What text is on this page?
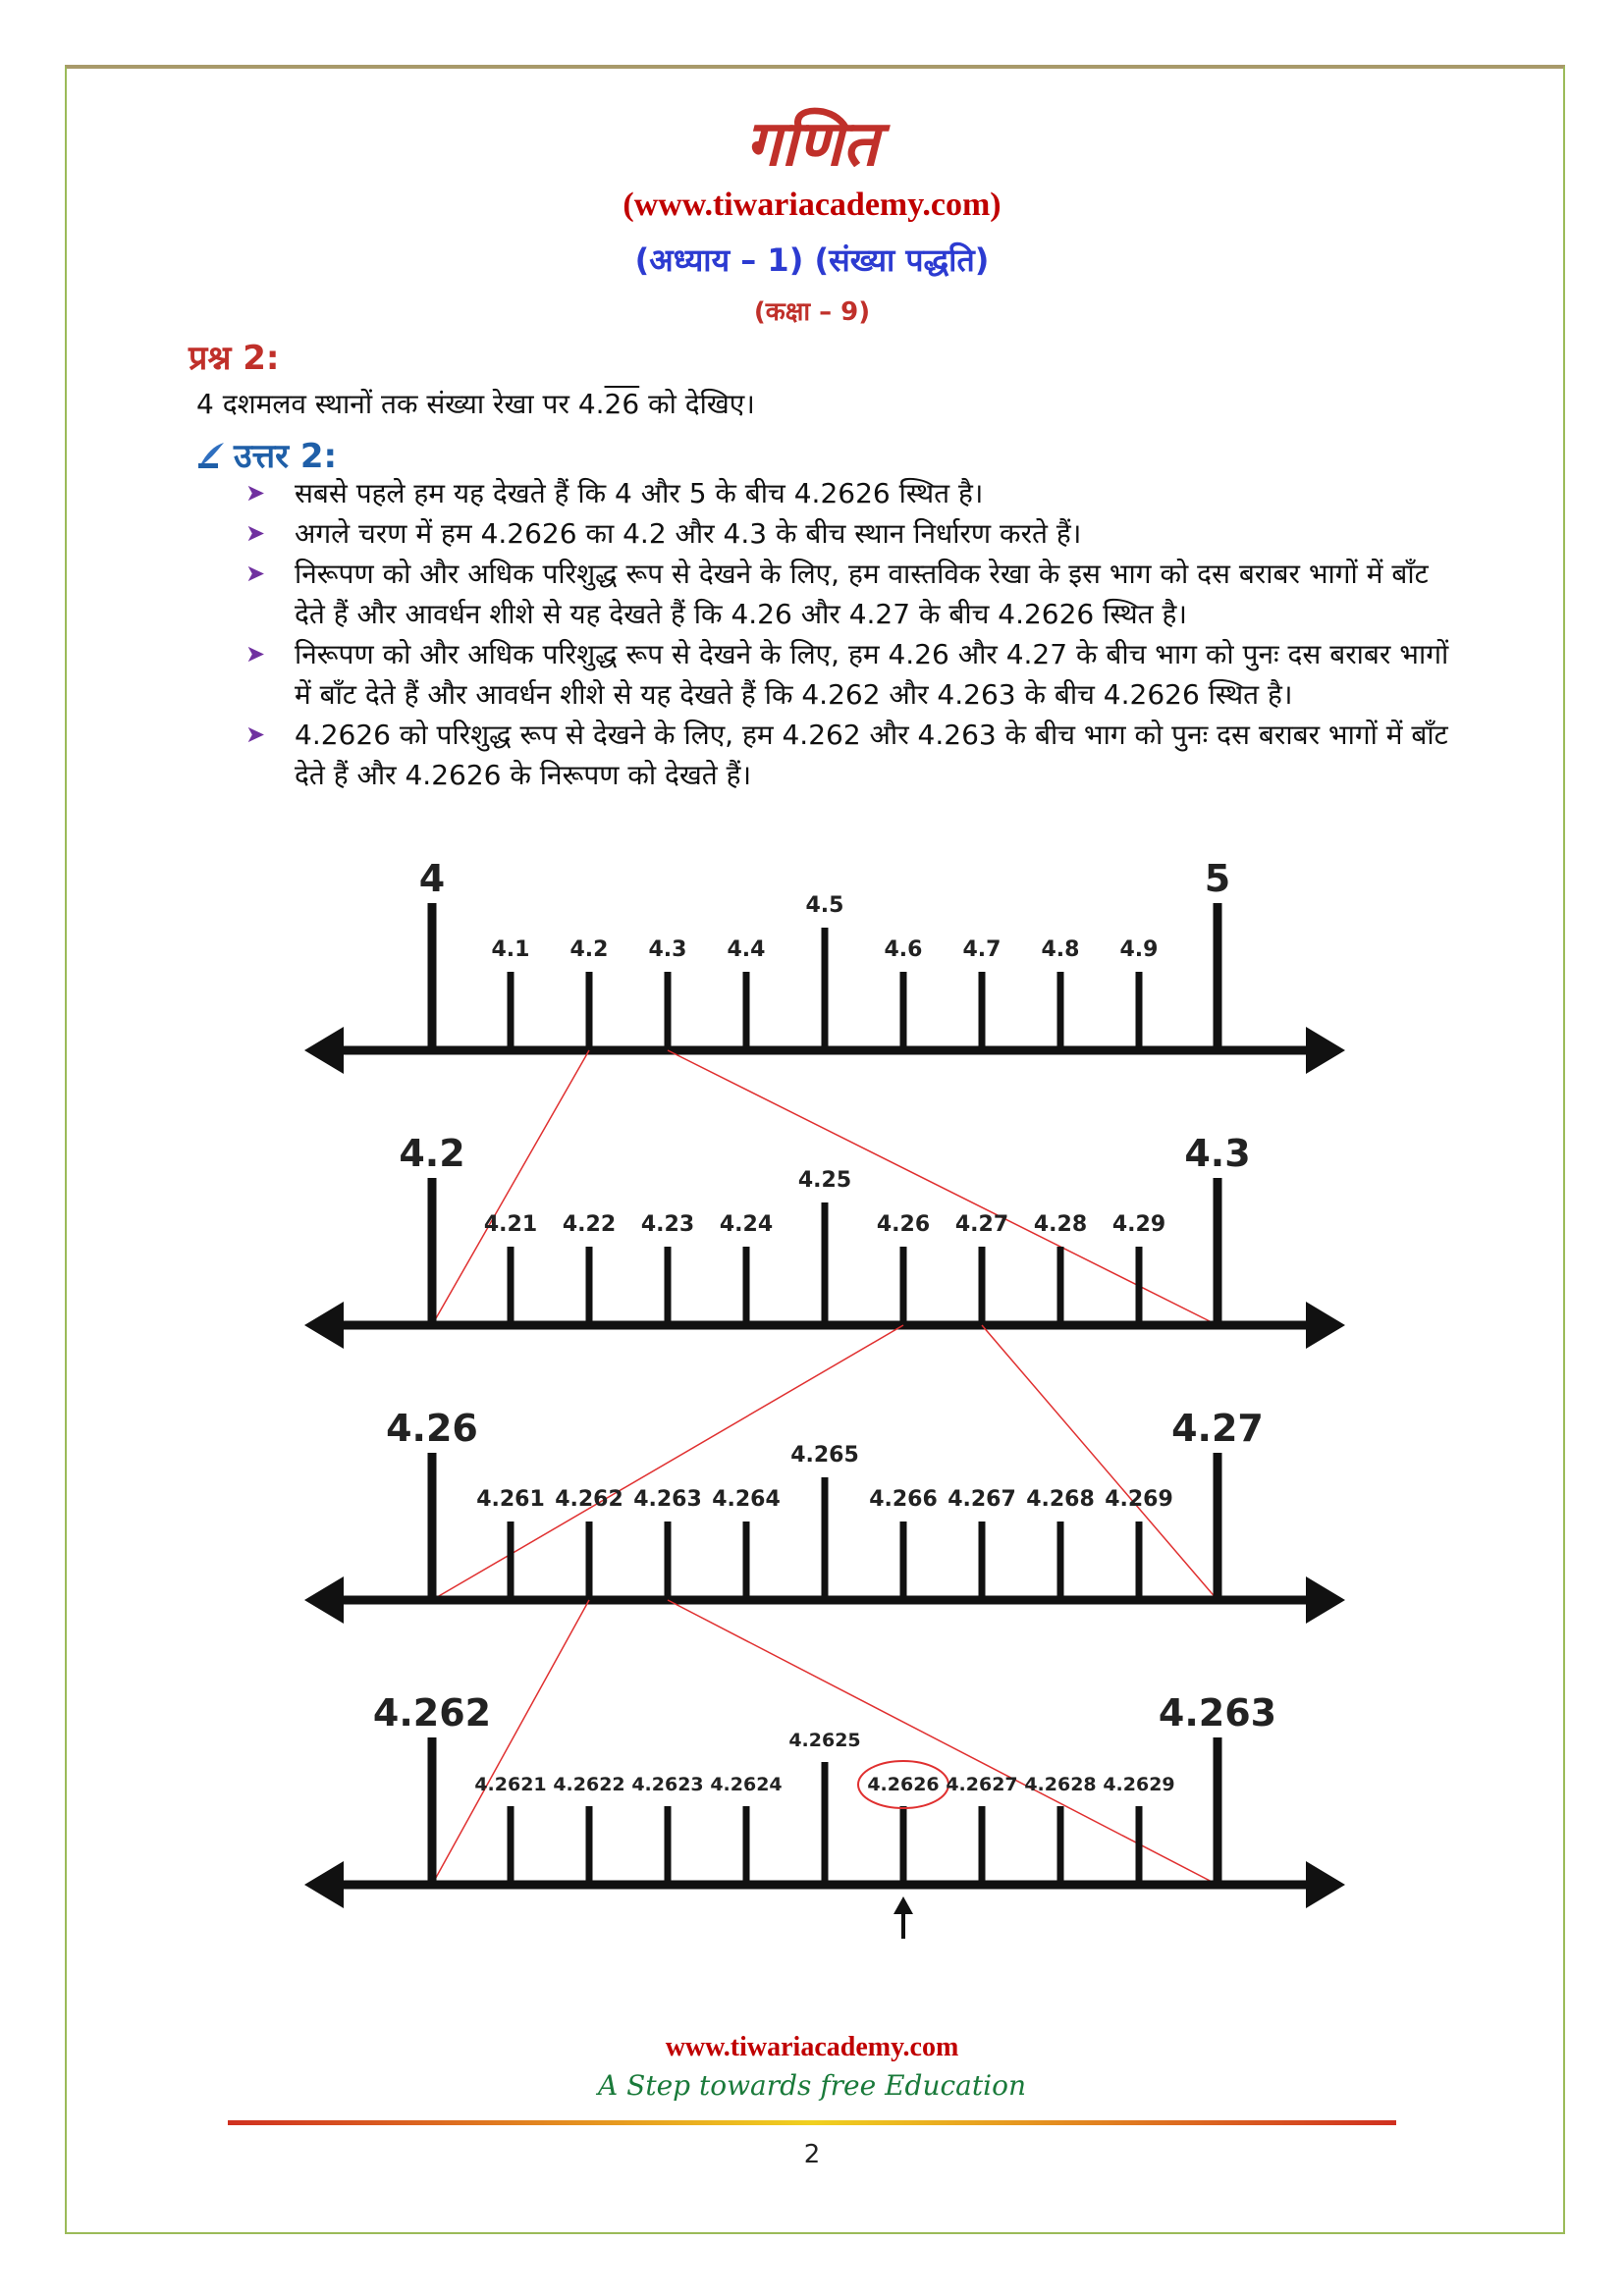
गणित
(www.tiwariacademy.com)
(अध्याय – 1) (संख्या पद्धति)
(कक्षा – 9)
प्रश्न 2:
4 दशमलव स्थानों तक संख्या रेखा पर 4.26 को देखिए।
उत्तर 2:
➤ सबसे पहले हम यह देखते हैं कि 4 और 5 के बीच 4.2626 स्थित है।
➤ अगले चरण में हम 4.2626 का 4.2 और 4.3 के बीच स्थान निर्धारण करते हैं।
➤ निरूपण को और अधिक परिशुद्ध रूप से देखने के लिए, हम वास्तविक रेखा के इस भाग को दस बराबर भागों में बाँट देते हैं और आवर्धन शीशे से यह देखते हैं कि 4.26 और 4.27 के बीच 4.2626 स्थित है।
➤ निरूपण को और अधिक परिशुद्ध रूप से देखने के लिए, हम 4.26 और 4.27 के बीच भाग को पुनः दस बराबर भागों में बाँट देते हैं और आवर्धन शीशे से यह देखते हैं कि 4.262 और 4.263 के बीच 4.2626 स्थित है।
➤ 4.2626 को परिशुद्ध रूप से देखने के लिए, हम 4.262 और 4.263 के बीच भाग को पुनः दस बराबर भागों में बाँट देते हैं और 4.2626 के निरूपण को देखते हैं।
4	5
4.1 4.2 4.3 4.4
4.5
4.6 4.7 4.8 4.9
4.2	4.3
4.21 4.22 4.23 4.24
4.25
4.26 4.27 4.28 4.29
4.26	4.27
4.261 4.262 4.263 4.264
4.265
4.266 4.267 4.268 4.269
4.262	4.263
4.2621 4.2622 4.2623 4.2624
4.2625
4.2626 4.2627 4.2628 4.2629
www.tiwariacademy.com
A Step towards free Education
2
